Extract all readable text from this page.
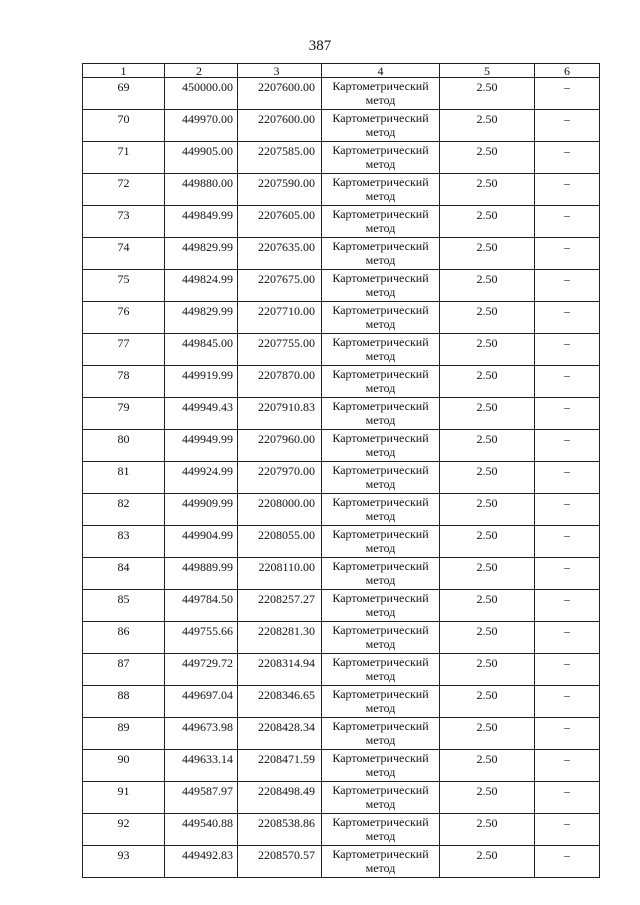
387
1	2	3	4	5	6
69	450000.00	2207600.00	Картометрический метод	2.50	–
70	449970.00	2207600.00	Картометрический метод	2.50	–
71	449905.00	2207585.00	Картометрический метод	2.50	–
72	449880.00	2207590.00	Картометрический метод	2.50	–
73	449849.99	2207605.00	Картометрический метод	2.50	–
74	449829.99	2207635.00	Картометрический метод	2.50	–
75	449824.99	2207675.00	Картометрический метод	2.50	–
76	449829.99	2207710.00	Картометрический метод	2.50	–
77	449845.00	2207755.00	Картометрический метод	2.50	–
78	449919.99	2207870.00	Картометрический метод	2.50	–
79	449949.43	2207910.83	Картометрический метод	2.50	–
80	449949.99	2207960.00	Картометрический метод	2.50	–
81	449924.99	2207970.00	Картометрический метод	2.50	–
82	449909.99	2208000.00	Картометрический метод	2.50	–
83	449904.99	2208055.00	Картометрический метод	2.50	–
84	449889.99	2208110.00	Картометрический метод	2.50	–
85	449784.50	2208257.27	Картометрический метод	2.50	–
86	449755.66	2208281.30	Картометрический метод	2.50	–
87	449729.72	2208314.94	Картометрический метод	2.50	–
88	449697.04	2208346.65	Картометрический метод	2.50	–
89	449673.98	2208428.34	Картометрический метод	2.50	–
90	449633.14	2208471.59	Картометрический метод	2.50	–
91	449587.97	2208498.49	Картометрический метод	2.50	–
92	449540.88	2208538.86	Картометрический метод	2.50	–
93	449492.83	2208570.57	Картометрический метод	2.50	–
